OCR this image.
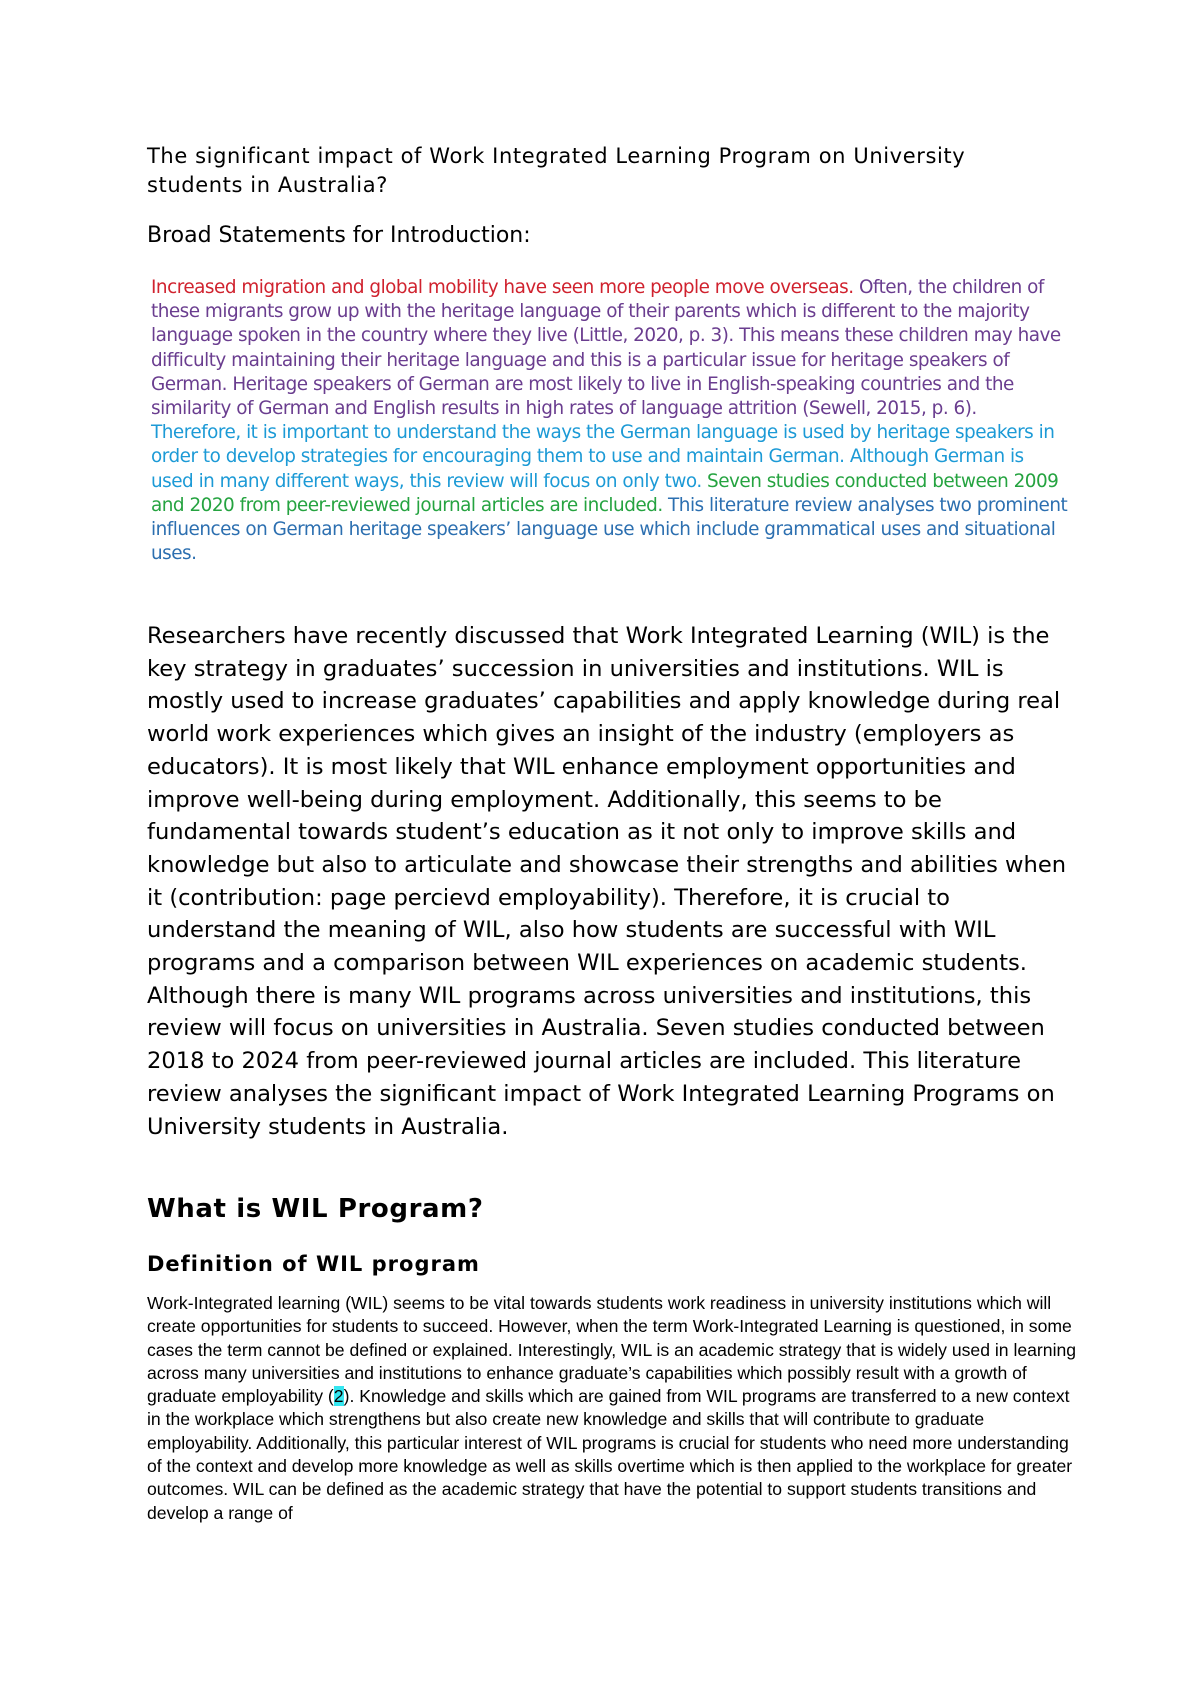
The significant impact of Work Integrated Learning Program on University students in Australia?

Broad Statements for Introduction:

Increased migration and global mobility have seen more people move overseas. Often, the children of these migrants grow up with the heritage language of their parents which is different to the majority language spoken in the country where they live (Little, 2020, p. 3). This means these children may have difficulty maintaining their heritage language and this is a particular issue for heritage speakers of German. Heritage speakers of German are most likely to live in English-speaking countries and the similarity of German and English results in high rates of language attrition (Sewell, 2015, p. 6). Therefore, it is important to understand the ways the German language is used by heritage speakers in order to develop strategies for encouraging them to use and maintain German. Although German is used in many different ways, this review will focus on only two. Seven studies conducted between 2009 and 2020 from peer-reviewed journal articles are included. This literature review analyses two prominent influences on German heritage speakers’ language use which include grammatical uses and situational uses.

Researchers have recently discussed that Work Integrated Learning (WIL) is the key strategy in graduates’ succession in universities and institutions. WIL is mostly used to increase graduates’ capabilities and apply knowledge during real world work experiences which gives an insight of the industry (employers as educators). It is most likely that WIL enhance employment opportunities and improve well-being during employment. Additionally, this seems to be fundamental towards student’s education as it not only to improve skills and knowledge but also to articulate and showcase their strengths and abilities when it (contribution: page percievd employability). Therefore, it is crucial to understand the meaning of WIL, also how students are successful with WIL programs and a comparison between WIL experiences on academic students. Although there is many WIL programs across universities and institutions, this review will focus on universities in Australia. Seven studies conducted between 2018 to 2024 from peer-reviewed journal articles are included. This literature review analyses the significant impact of Work Integrated Learning Programs on University students in Australia.

What is WIL Program?
Definition of WIL program

Work-Integrated learning (WIL) seems to be vital towards students work readiness in university institutions which will create opportunities for students to succeed. However, when the term Work-Integrated Learning is questioned, in some cases the term cannot be defined or explained. Interestingly, WIL is an academic strategy that is widely used in learning across many universities and institutions to enhance graduate’s capabilities which possibly result with a growth of graduate employability (2). Knowledge and skills which are gained from WIL programs are transferred to a new context in the workplace which strengthens but also create new knowledge and skills that will contribute to graduate employability. Additionally, this particular interest of WIL programs is crucial for students who need more understanding of the context and develop more knowledge as well as skills overtime which is then applied to the workplace for greater outcomes. WIL can be defined as the academic strategy that have the potential to support students transitions and develop a range of
